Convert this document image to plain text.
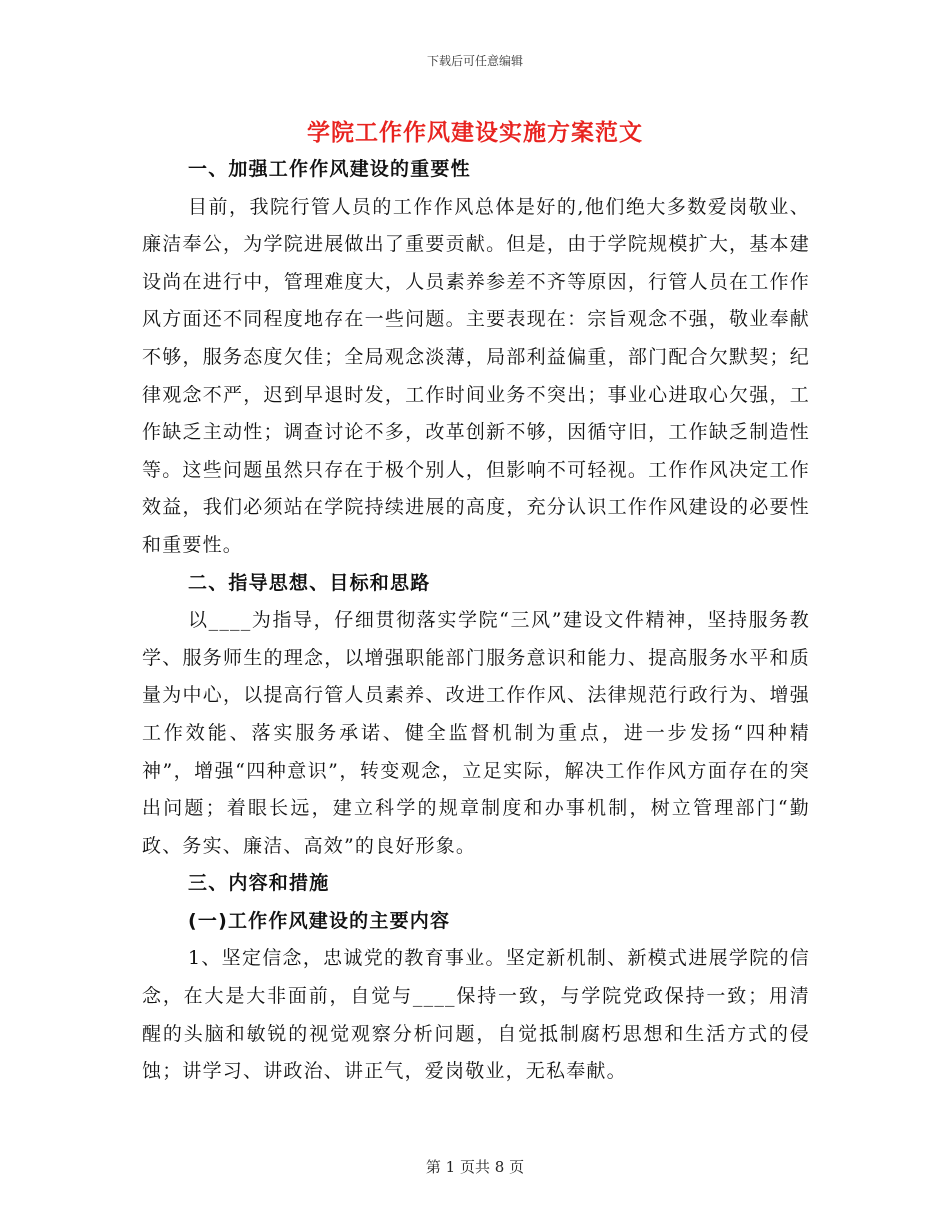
下载后可任意编辑
学院工作作风建设实施方案范文

一、加强工作作风建设的重要性

目前，我院行管人员的工作作风总体是好的,他们绝大多数爱岗敬业、廉洁奉公，为学院进展做出了重要贡献。但是，由于学院规模扩大，基本建设尚在进行中，管理难度大，人员素养参差不齐等原因，行管人员在工作作风方面还不同程度地存在一些问题。主要表现在：宗旨观念不强，敬业奉献不够，服务态度欠佳；全局观念淡薄，局部利益偏重，部门配合欠默契；纪律观念不严，迟到早退时发，工作时间业务不突出；事业心进取心欠强，工作缺乏主动性；调查讨论不多，改革创新不够，因循守旧，工作缺乏制造性等。这些问题虽然只存在于极个别人，但影响不可轻视。工作作风决定工作效益，我们必须站在学院持续进展的高度，充分认识工作作风建设的必要性和重要性。

二、指导思想、目标和思路

以____为指导，仔细贯彻落实学院“三风”建设文件精神，坚持服务教学、服务师生的理念，以增强职能部门服务意识和能力、提高服务水平和质量为中心，以提高行管人员素养、改进工作作风、法律规范行政行为、增强工作效能、落实服务承诺、健全监督机制为重点，进一步发扬“四种精神”，增强“四种意识”，转变观念，立足实际，解决工作作风方面存在的突出问题；着眼长远，建立科学的规章制度和办事机制，树立管理部门“勤政、务实、廉洁、高效”的良好形象。

三、内容和措施

(一)工作作风建设的主要内容

1、坚定信念，忠诚党的教育事业。坚定新机制、新模式进展学院的信念，在大是大非面前，自觉与____保持一致，与学院党政保持一致；用清醒的头脑和敏锐的视觉观察分析问题，自觉抵制腐朽思想和生活方式的侵蚀；讲学习、讲政治、讲正气，爱岗敬业，无私奉献。

第 1 页共 8 页
